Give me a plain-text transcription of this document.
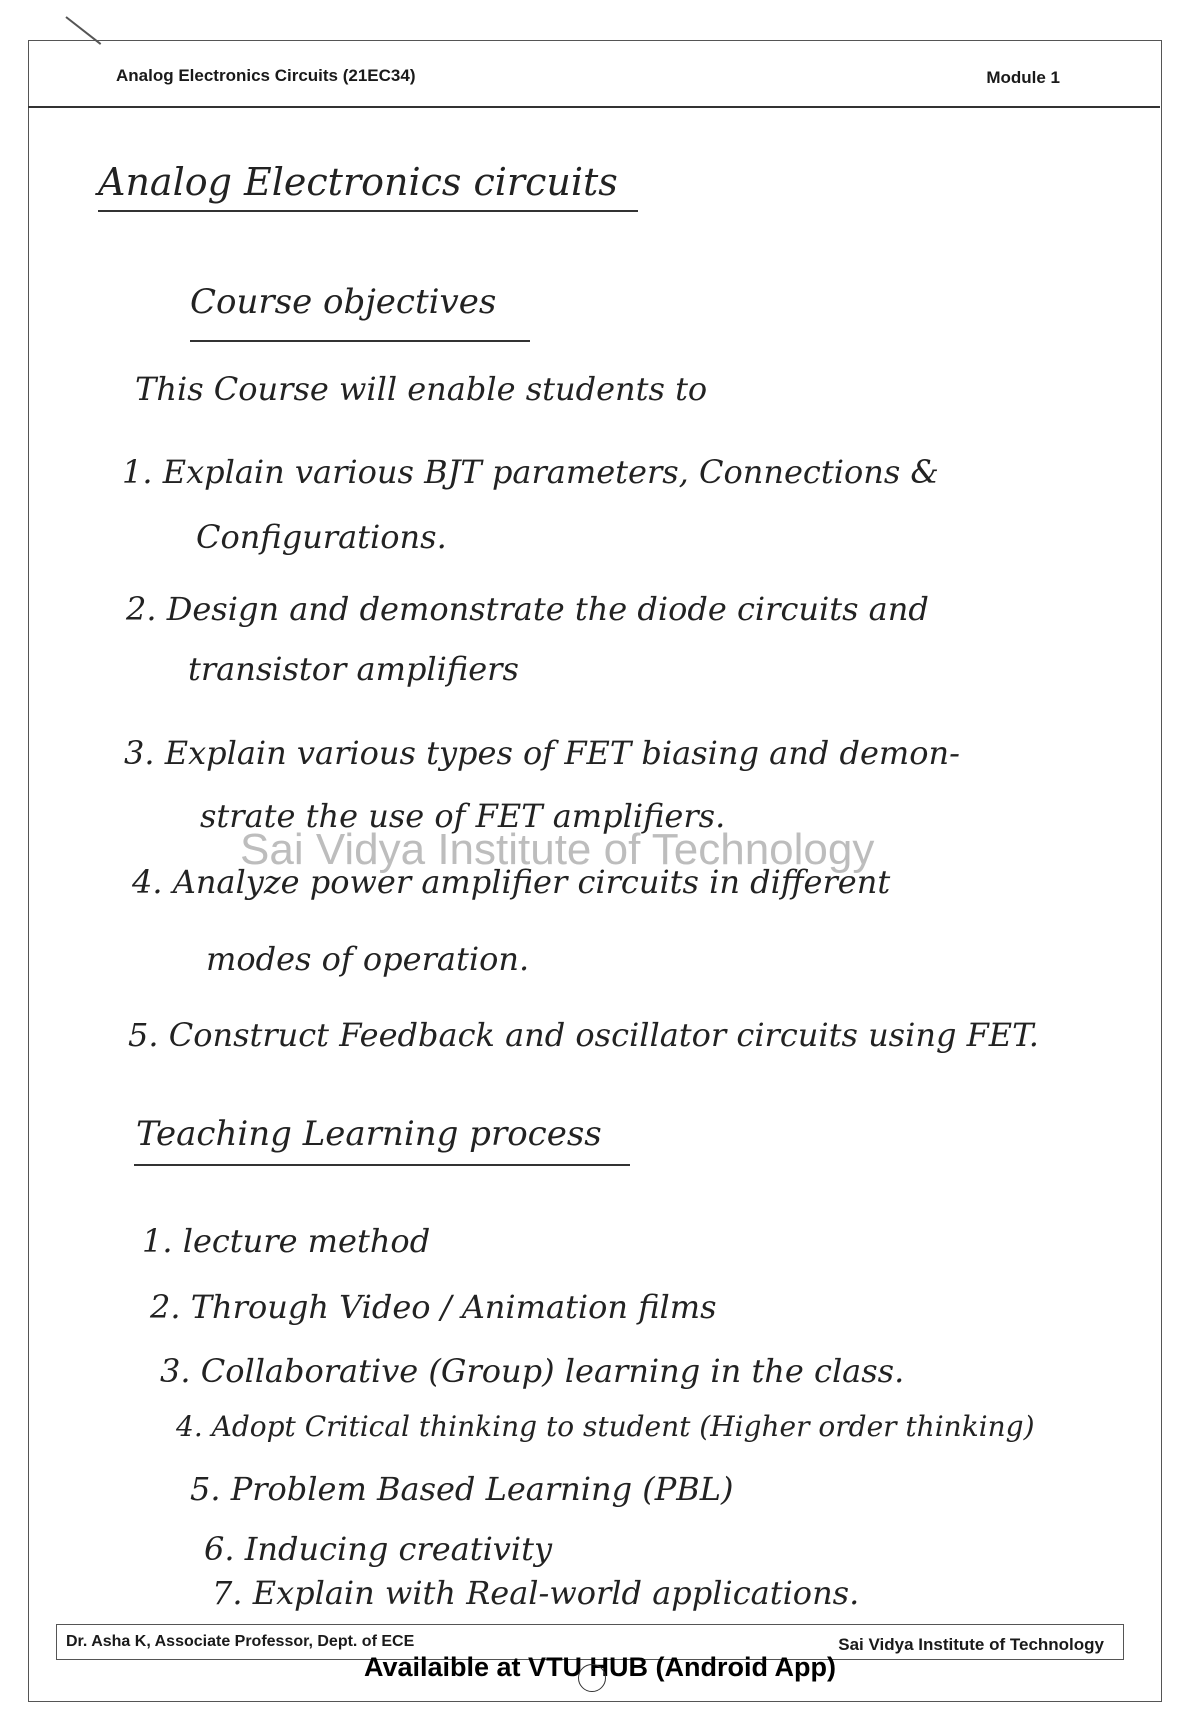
Analog Electronics Circuits (21EC34)	Module 1
Analog Electronics circuits
Course objectives
This Course will enable students to
1. Explain various BJT parameters, Connections &
Configurations.
2. Design and demonstrate the diode circuits and
transistor amplifiers
3. Explain various types of FET biasing and demon-
strate the use of FET amplifiers.
Sai Vidya Institute of Technology
4. Analyze power amplifier circuits in different
modes of operation.
5. Construct Feedback and oscillator circuits using FET.
Teaching Learning process
1. lecture method
2. Through Video / Animation films
3. Collaborative (Group) learning in the class.
4. Adopt Critical thinking to student (Higher order thinking)
5. Problem Based Learning (PBL)
6. Inducing creativity
7. Explain with Real-world applications.
Dr. Asha K, Associate Professor, Dept. of ECE	Sai Vidya Institute of Technology
Availaible at VTU HUB (Android App)
